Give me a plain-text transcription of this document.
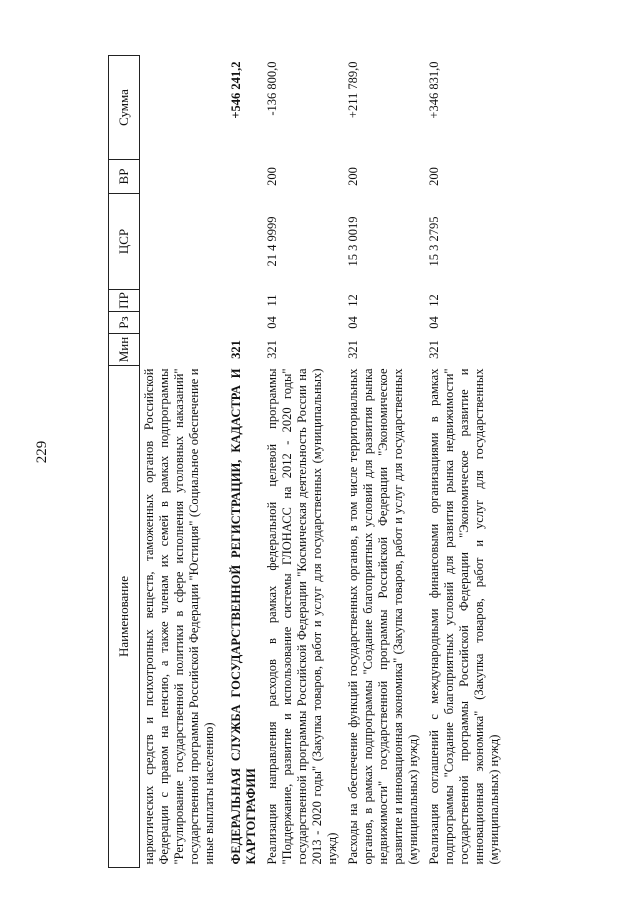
229
Наименование	Мин	Рз	ПР	ЦСР	ВР	Сумма
наркотических средств и психотропных веществ, таможенных органов Российской Федерации с правом на пенсию, а также членам их семей в рамках подпрограммы "Регулирование государственной политики в сфере исполнения уголовных наказаний" государственной программы Российской Федерации "Юстиция" (Социальное обеспечение и иные выплаты населению)						
ФЕДЕРАЛЬНАЯ СЛУЖБА ГОСУДАРСТВЕННОЙ РЕГИСТРАЦИИ, КАДАСТРА И КАРТОГРАФИИ	321					+546 241,2
Реализация направления расходов в рамках федеральной целевой программы "Поддержание, развитие и использование системы ГЛОНАСС на 2012 - 2020 годы" государственной программы Российской Федерации "Космическая деятельность России на 2013 - 2020 годы" (Закупка товаров, работ и услуг для государственных (муниципальных) нужд)	321	04	11	21 4 9999	200	-136 800,0
Расходы на обеспечение функций государственных органов, в том числе территориальных органов, в рамках подпрограммы "Создание благоприятных условий для развития рынка недвижимости" государственной программы Российской Федерации "Экономическое развитие и инновационная экономика" (Закупка товаров, работ и услуг для государственных (муниципальных) нужд)	321	04	12	15 3 0019	200	+211 789,0
Реализация соглашений с международными финансовыми организациями в рамках подпрограммы "Создание благоприятных условий для развития рынка недвижимости" государственной программы Российской Федерации "Экономическое развитие и инновационная экономика" (Закупка товаров, работ и услуг для государственных (муниципальных) нужд)	321	04	12	15 3 2795	200	+346 831,0
